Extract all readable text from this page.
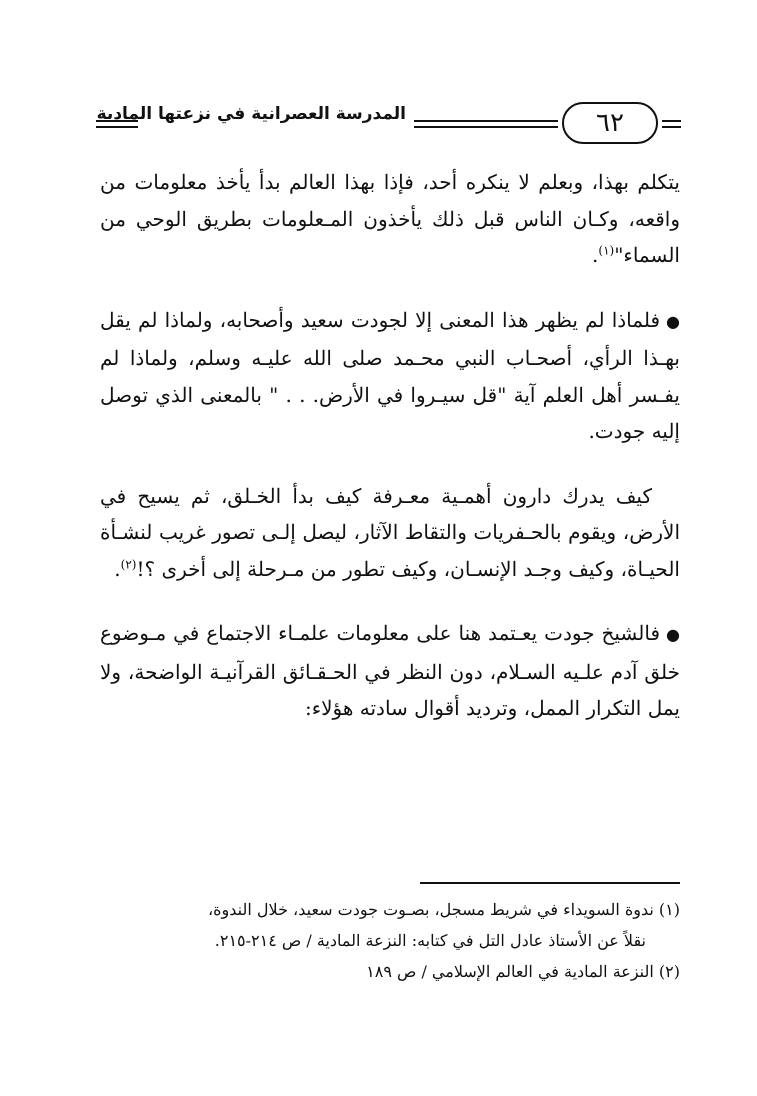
المدرسة العصرانية في نزعتها المادية	٦٢

يتكلم بهذا، وبعلم لا ينكره أحد، فإذا بهذا العالم بدأ يأخذ معلومات من واقعه، وكـان الناس قبل ذلك يأخذون المـعلومات بطريق الوحي من السماء"$^{(١)}$.

●فلماذا لم يظهر هذا المعنى إلا لجودت سعيد وأصحابه، ولماذا لم يقل بهـذا الرأي، أصحـاب النبي محـمد صلى الله عليـه وسلم، ولماذا لم يفـسر أهل العلم آية "قل سيـروا في الأرض. . . " بالمعنى الذي توصل إليه جودت.

كيف يدرك دارون أهمـية معـرفة كيف بدأ الخـلق، ثم يسيح في الأرض، ويقوم بالحـفريات والتقاط الآثار، ليصل إلـى تصور غريب لنشـأة الحيـاة، وكيف وجـد الإنسـان، وكيف تطور من مـرحلة إلى أخرى ؟!$^{(٢)}$.

●فالشيخ جودت يعـتمد هنا على معلومات علمـاء الاجتماع في مـوضوع خلق آدم علـيه السـلام، دون النظر في الحـقـائق القرآنيـة الواضحة، ولا يمل التكرار الممل، وترديد أقوال سادته هؤلاء:

(١) ندوة السويداء في شريط مسجل، بصـوت جودت سعيد، خلال الندوة،

نقلاً عن الأستاذ عادل التل في كتابه: النزعة المادية / ص ٢١٤-٢١٥.

(٢) النزعة المادية في العالم الإسلامي / ص ١٨٩
